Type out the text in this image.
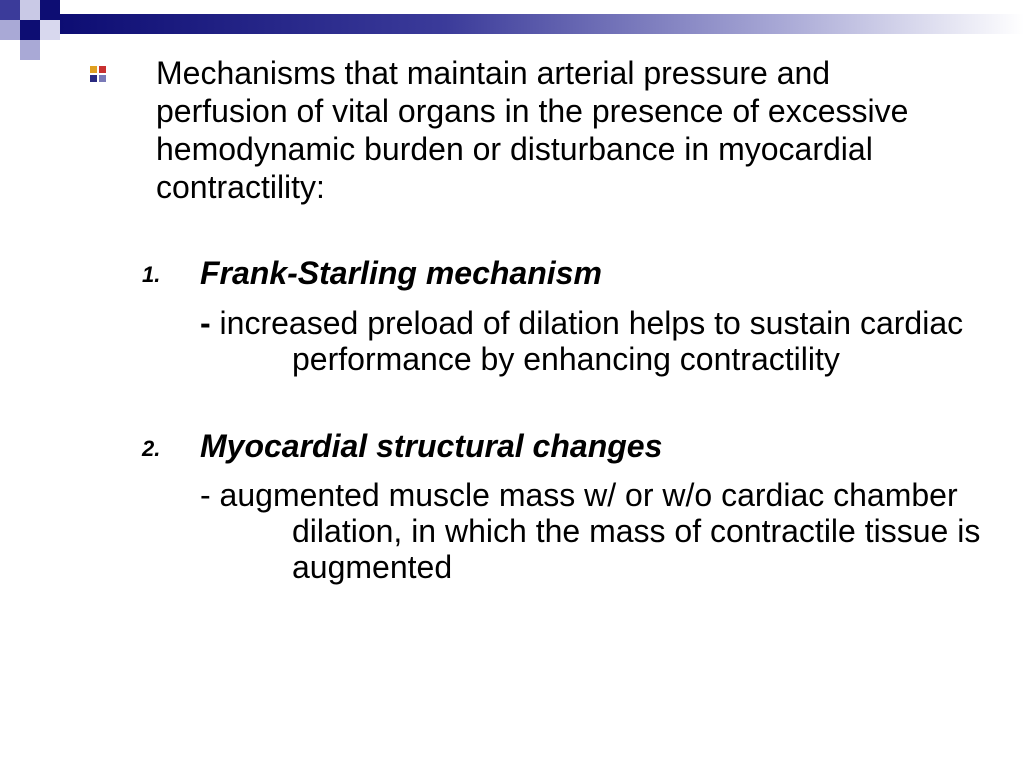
Mechanisms that maintain arterial pressure and perfusion of vital organs in the presence of excessive hemodynamic burden or disturbance in myocardial contractility:
1. Frank-Starling mechanism
- increased preload of dilation helps to sustain cardiac performance by enhancing contractility
2. Myocardial structural changes
- augmented muscle mass w/ or w/o cardiac chamber dilation, in which the mass of contractile tissue is augmented
